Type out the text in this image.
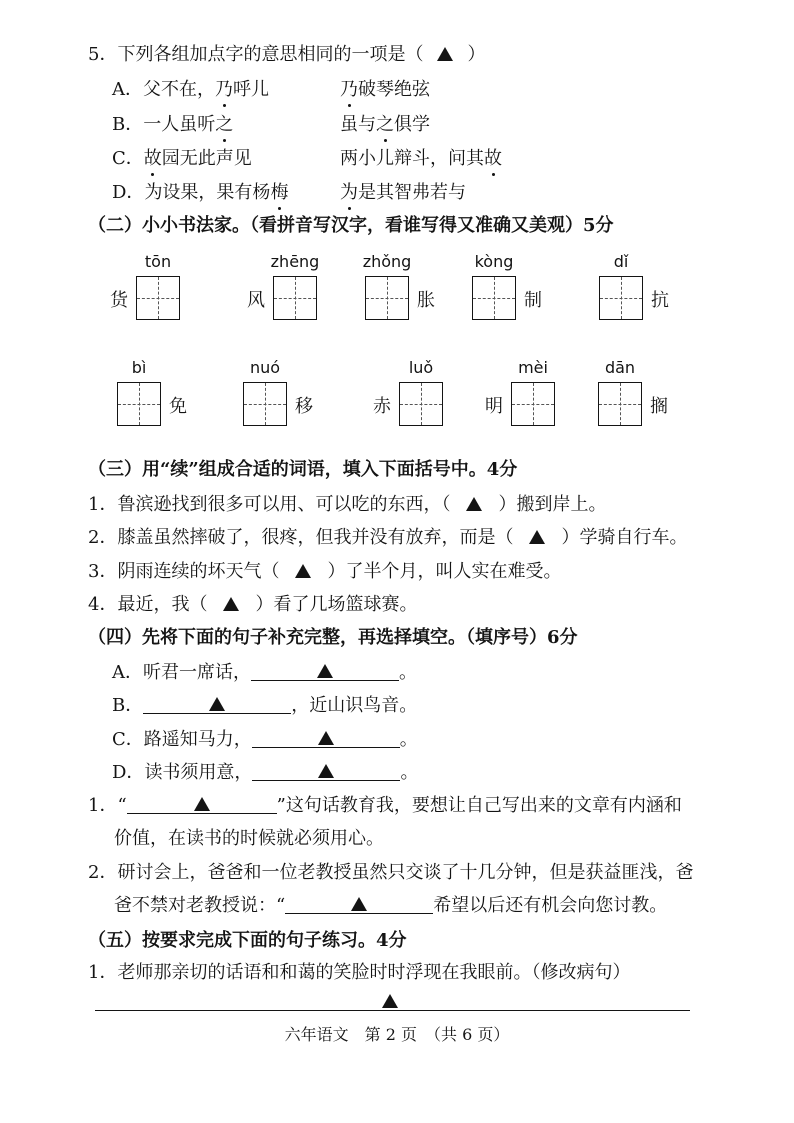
5．下列各组加点字的意思相同的一项是（ ）
A．父不在，乃呼儿	乃破琴绝弦
B．一人虽听之	虽与之俱学
C．故园无此声见	两小儿辩斗，问其故
D．为设果，果有杨梅	为是其智弗若与
（二）小小书法家。（看拼音写汉字，看谁写得又准确又美观）5分
tōn
货
zhēng
风
zhǒng
胀
kòng
制
dǐ
抗
bì
免
nuó
移
luǒ
赤
mèi
明
dān
搁
（三）用“续”组成合适的词语，填入下面括号中。4分
1．鲁滨逊找到很多可以用、可以吃的东西，（	）搬到岸上。
2．膝盖虽然摔破了，很疼，但我并没有放弃，而是（	）学骑自行车。
3．阴雨连续的坏天气（	）了半个月，叫人实在难受。
4．最近，我（	）看了几场篮球赛。
（四）先将下面的句子补充完整，再选择填空。（填序号）6分
A．听君一席话，	。
B．	，近山识鸟音。
C．路遥知马力，	。
D．读书须用意，	。
1．“	”这句话教育我，要想让自己写出来的文章有内涵和
价值，在读书的时候就必须用心。
2．研讨会上，爸爸和一位老教授虽然只交谈了十几分钟，但是获益匪浅，爸
爸不禁对老教授说：“	希望以后还有机会向您讨教。
（五）按要求完成下面的句子练习。4分
1．老师那亲切的话语和和蔼的笑脸时时浮现在我眼前。（修改病句）
六年语文　第 2 页　（共 6 页）
